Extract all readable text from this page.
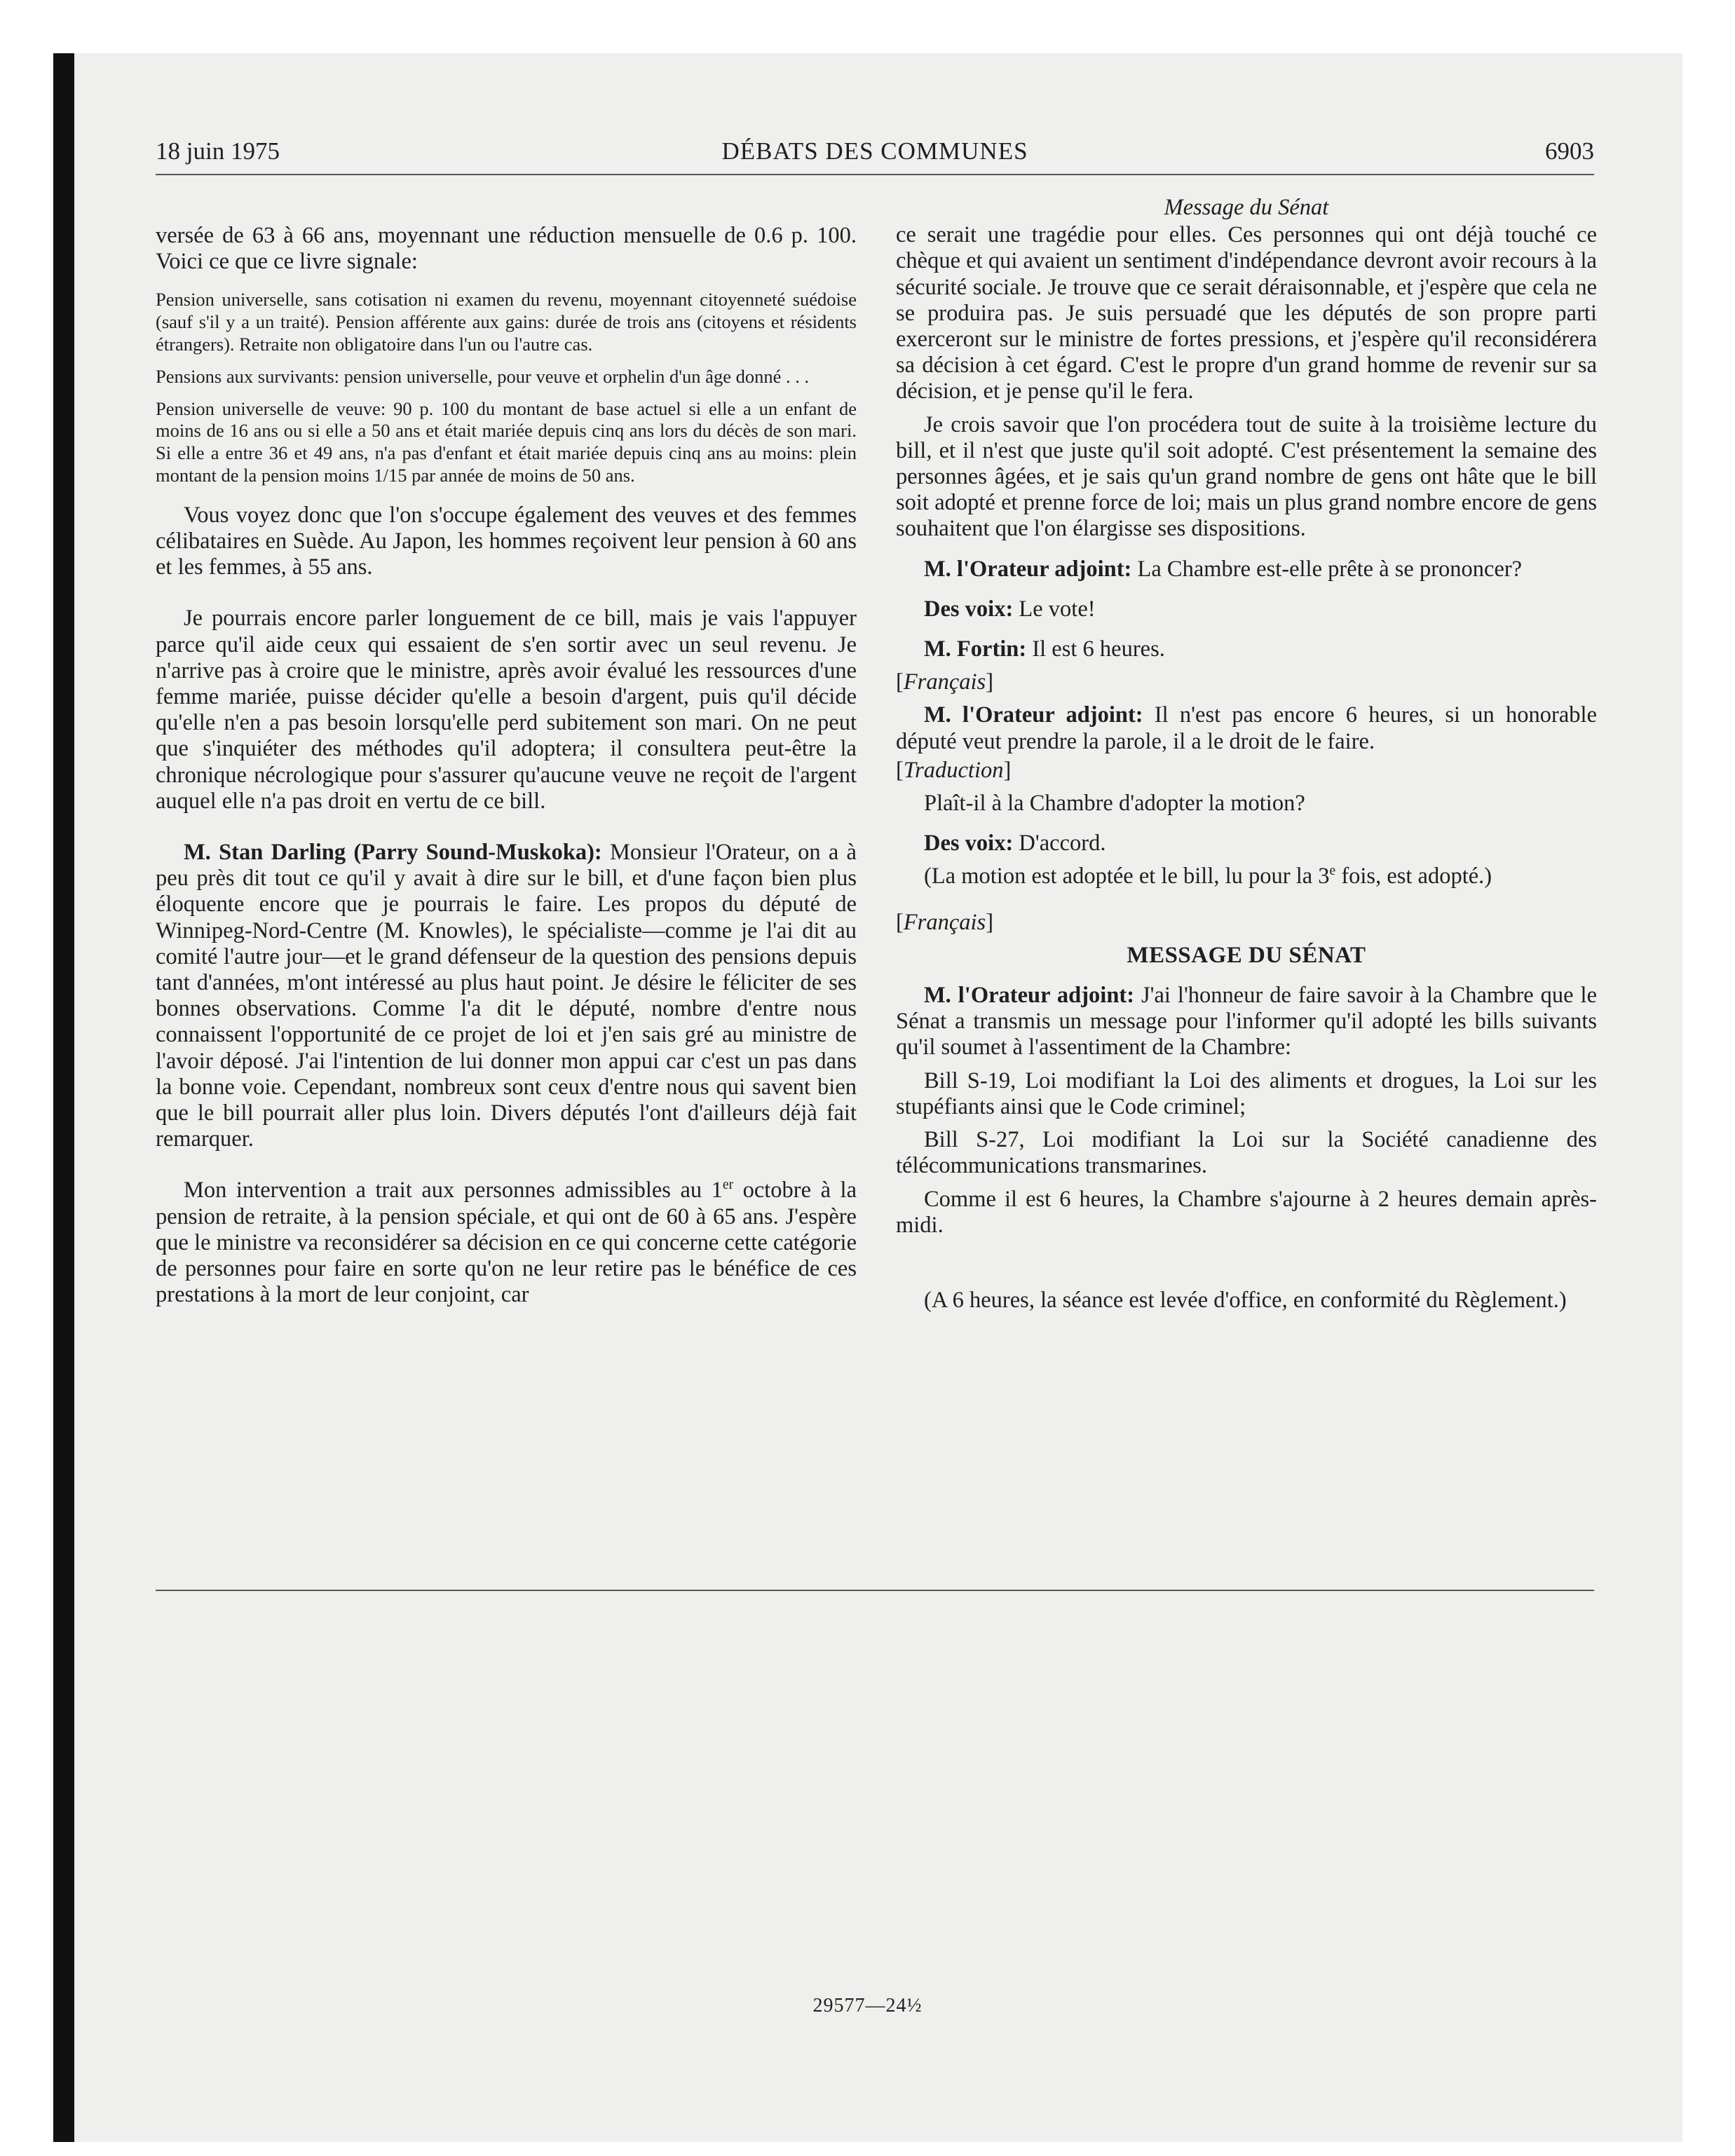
18 juin 1975	DÉBATS DES COMMUNES	6903

versée de 63 à 66 ans, moyennant une réduction mensuelle de 0.6 p. 100. Voici ce que ce livre signale:

Pension universelle, sans cotisation ni examen du revenu, moyennant citoyenneté suédoise (sauf s'il y a un traité). Pension afférente aux gains: durée de trois ans (citoyens et résidents étrangers). Retraite non obligatoire dans l'un ou l'autre cas.

Pensions aux survivants: pension universelle, pour veuve et orphelin d'un âge donné . . .

Pension universelle de veuve: 90 p. 100 du montant de base actuel si elle a un enfant de moins de 16 ans ou si elle a 50 ans et était mariée depuis cinq ans lors du décès de son mari. Si elle a entre 36 et 49 ans, n'a pas d'enfant et était mariée depuis cinq ans au moins: plein montant de la pension moins 1/15 par année de moins de 50 ans.

Vous voyez donc que l'on s'occupe également des veuves et des femmes célibataires en Suède. Au Japon, les hommes reçoivent leur pension à 60 ans et les femmes, à 55 ans.

Je pourrais encore parler longuement de ce bill, mais je vais l'appuyer parce qu'il aide ceux qui essaient de s'en sortir avec un seul revenu. Je n'arrive pas à croire que le ministre, après avoir évalué les ressources d'une femme mariée, puisse décider qu'elle a besoin d'argent, puis qu'il décide qu'elle n'en a pas besoin lorsqu'elle perd subitement son mari. On ne peut que s'inquiéter des méthodes qu'il adoptera; il consultera peut-être la chronique nécrologique pour s'assurer qu'aucune veuve ne reçoit de l'argent auquel elle n'a pas droit en vertu de ce bill.

M. Stan Darling (Parry Sound-Muskoka): Monsieur l'Orateur, on a à peu près dit tout ce qu'il y avait à dire sur le bill, et d'une façon bien plus éloquente encore que je pourrais le faire. Les propos du député de Winnipeg-Nord-Centre (M. Knowles), le spécialiste—comme je l'ai dit au comité l'autre jour—et le grand défenseur de la question des pensions depuis tant d'années, m'ont intéressé au plus haut point. Je désire le féliciter de ses bonnes observations. Comme l'a dit le député, nombre d'entre nous connaissent l'opportunité de ce projet de loi et j'en sais gré au ministre de l'avoir déposé. J'ai l'intention de lui donner mon appui car c'est un pas dans la bonne voie. Cependant, nombreux sont ceux d'entre nous qui savent bien que le bill pourrait aller plus loin. Divers députés l'ont d'ailleurs déjà fait remarquer.

Mon intervention a trait aux personnes admissibles au 1er octobre à la pension de retraite, à la pension spéciale, et qui ont de 60 à 65 ans. J'espère que le ministre va reconsidérer sa décision en ce qui concerne cette catégorie de personnes pour faire en sorte qu'on ne leur retire pas le bénéfice de ces prestations à la mort de leur conjoint, car

Message du Sénat

ce serait une tragédie pour elles. Ces personnes qui ont déjà touché ce chèque et qui avaient un sentiment d'indépendance devront avoir recours à la sécurité sociale. Je trouve que ce serait déraisonnable, et j'espère que cela ne se produira pas. Je suis persuadé que les députés de son propre parti exerceront sur le ministre de fortes pressions, et j'espère qu'il reconsidérera sa décision à cet égard. C'est le propre d'un grand homme de revenir sur sa décision, et je pense qu'il le fera.

Je crois savoir que l'on procédera tout de suite à la troisième lecture du bill, et il n'est que juste qu'il soit adopté. C'est présentement la semaine des personnes âgées, et je sais qu'un grand nombre de gens ont hâte que le bill soit adopté et prenne force de loi; mais un plus grand nombre encore de gens souhaitent que l'on élargisse ses dispositions.

M. l'Orateur adjoint: La Chambre est-elle prête à se prononcer?

Des voix: Le vote!

M. Fortin: Il est 6 heures.

[Français]

M. l'Orateur adjoint: Il n'est pas encore 6 heures, si un honorable député veut prendre la parole, il a le droit de le faire.

[Traduction]

Plaît-il à la Chambre d'adopter la motion?

Des voix: D'accord.

(La motion est adoptée et le bill, lu pour la 3e fois, est adopté.)

[Français]

MESSAGE DU SÉNAT

M. l'Orateur adjoint: J'ai l'honneur de faire savoir à la Chambre que le Sénat a transmis un message pour l'informer qu'il adopté les bills suivants qu'il soumet à l'assentiment de la Chambre:

Bill S-19, Loi modifiant la Loi des aliments et drogues, la Loi sur les stupéfiants ainsi que le Code criminel;

Bill S-27, Loi modifiant la Loi sur la Société canadienne des télécommunications transmarines.

Comme il est 6 heures, la Chambre s'ajourne à 2 heures demain après-midi.

(A 6 heures, la séance est levée d'office, en conformité du Règlement.)

29577—24½
